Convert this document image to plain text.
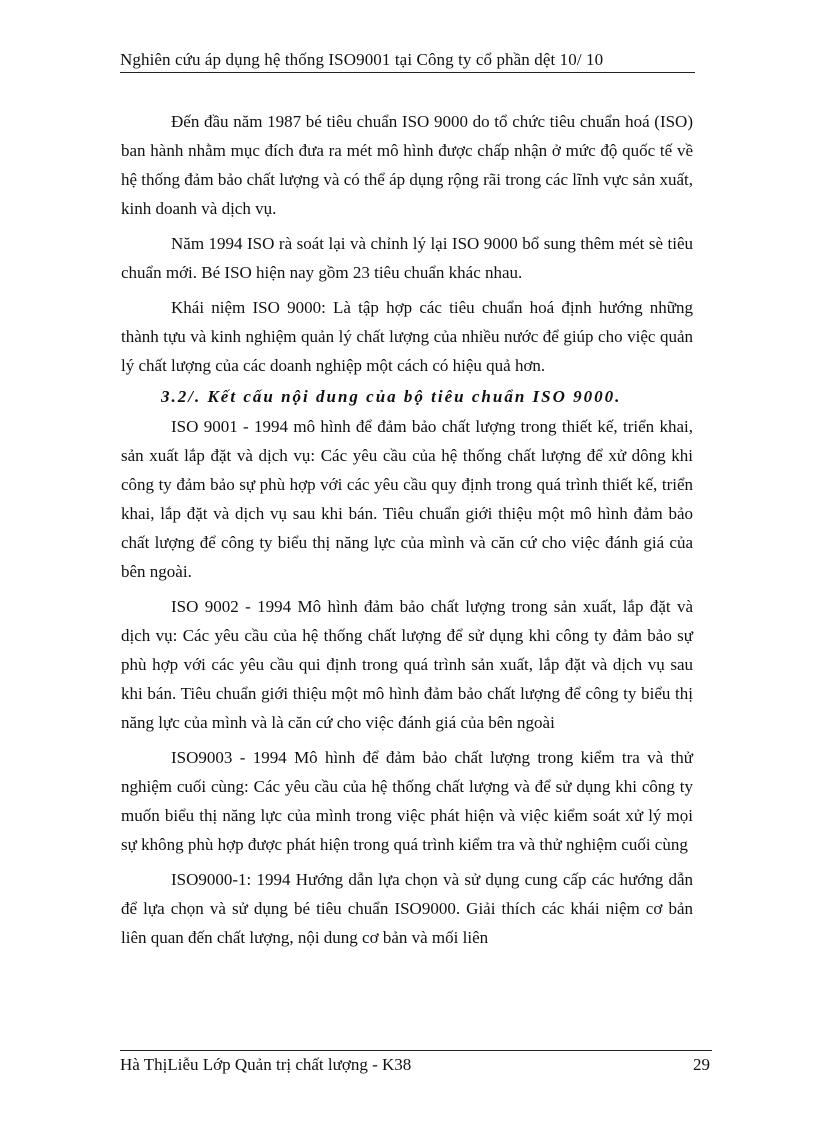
Nghiên cứu áp dụng hệ thống ISO9001 tại Công ty cổ phần dệt 10/ 10

Đến đầu năm 1987 bé tiêu chuẩn ISO 9000 do tổ chức tiêu chuẩn hoá (ISO) ban hành nhằm mục đích đưa ra mét mô hình được chấp nhận ở mức độ quốc tế về hệ thống đảm bảo chất lượng và có thể áp dụng rộng rãi trong các lĩnh vực sản xuất, kinh doanh và dịch vụ.

Năm 1994 ISO rà soát lại và chỉnh lý lại ISO 9000 bổ sung thêm mét sè tiêu chuẩn mới. Bé ISO hiện nay gồm 23 tiêu chuẩn khác nhau.

Khái niệm ISO 9000: Là tập hợp các tiêu chuẩn hoá định hướng những thành tựu và kinh nghiệm quản lý chất lượng của nhiều nước để giúp cho việc quản lý chất lượng của các doanh nghiệp một cách có hiệu quả hơn.

3.2/. Kết cấu nội dung của bộ tiêu chuẩn ISO 9000.

ISO 9001 - 1994 mô hình để đảm bảo chất lượng trong thiết kế, triển khai, sản xuất lắp đặt và dịch vụ: Các yêu cầu của hệ thống chất lượng để xử dông khi công ty đảm bảo sự phù hợp với các yêu cầu quy định trong quá trình thiết kế, triển khai, lắp đặt và dịch vụ sau khi bán. Tiêu chuẩn giới thiệu một mô hình đảm bảo chất lượng để công ty biểu thị năng lực của mình và căn cứ cho việc đánh giá của bên ngoài.

ISO 9002 - 1994 Mô hình đảm bảo chất lượng trong sản xuất, lắp đặt và dịch vụ: Các yêu cầu của hệ thống chất lượng để sử dụng khi công ty đảm bảo sự phù hợp với các yêu cầu qui định trong quá trình sản xuất, lắp đặt và dịch vụ sau khi bán. Tiêu chuẩn giới thiệu một mô hình đảm bảo chất lượng để công ty biểu thị năng lực của mình và là căn cứ cho việc đánh giá của bên ngoài

ISO9003 - 1994 Mô hình để đảm bảo chất lượng trong kiểm tra và thử nghiệm cuối cùng: Các yêu cầu của hệ thống chất lượng và để sử dụng khi công ty muốn biểu thị năng lực của mình trong việc phát hiện và việc kiểm soát xử lý mọi sự không phù hợp được phát hiện trong quá trình kiểm tra và thử nghiệm cuối cùng

ISO9000-1: 1994 Hướng dẫn lựa chọn và sử dụng cung cấp các hướng dẫn để lựa chọn và sử dụng bé tiêu chuẩn ISO9000. Giải thích các khái niệm cơ bản liên quan đến chất lượng, nội dung cơ bản và mối liên

Hà ThịLiễu Lớp Quản trị chất lượng - K38	29
